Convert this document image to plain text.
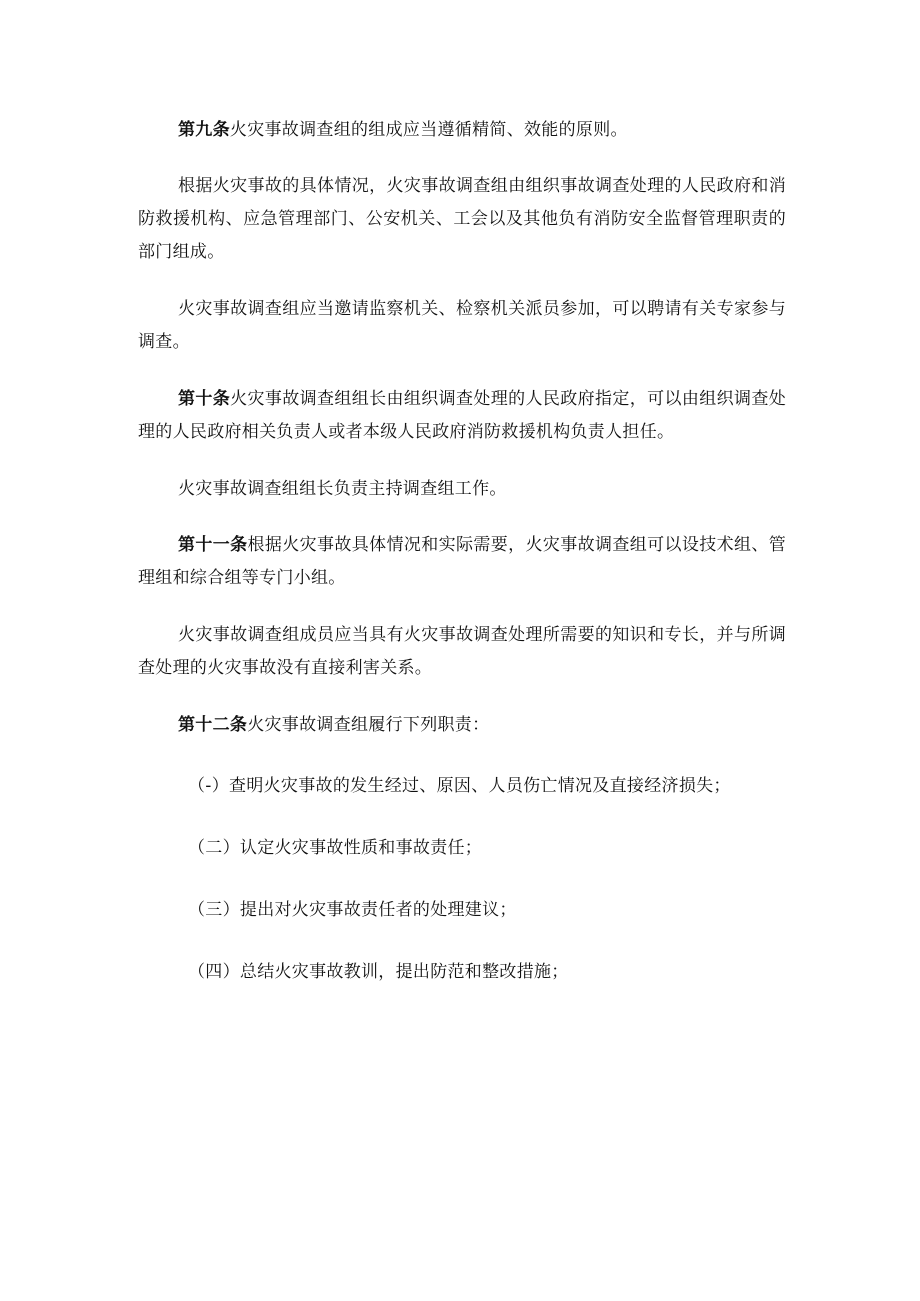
第九条火灾事故调查组的组成应当遵循精简、效能的原则。

根据火灾事故的具体情况，火灾事故调查组由组织事故调查处理的人民政府和消防救援机构、应急管理部门、公安机关、工会以及其他负有消防安全监督管理职责的部门组成。

火灾事故调查组应当邀请监察机关、检察机关派员参加，可以聘请有关专家参与调查。

第十条火灾事故调查组组长由组织调查处理的人民政府指定，可以由组织调查处理的人民政府相关负责人或者本级人民政府消防救援机构负责人担任。

火灾事故调查组组长负责主持调查组工作。

第十一条根据火灾事故具体情况和实际需要，火灾事故调查组可以设技术组、管理组和综合组等专门小组。

火灾事故调查组成员应当具有火灾事故调查处理所需要的知识和专长，并与所调查处理的火灾事故没有直接利害关系。

第十二条火灾事故调查组履行下列职责：

（-）查明火灾事故的发生经过、原因、人员伤亡情况及直接经济损失；

（二）认定火灾事故性质和事故责任；

（三）提出对火灾事故责任者的处理建议；

（四）总结火灾事故教训，提出防范和整改措施；
